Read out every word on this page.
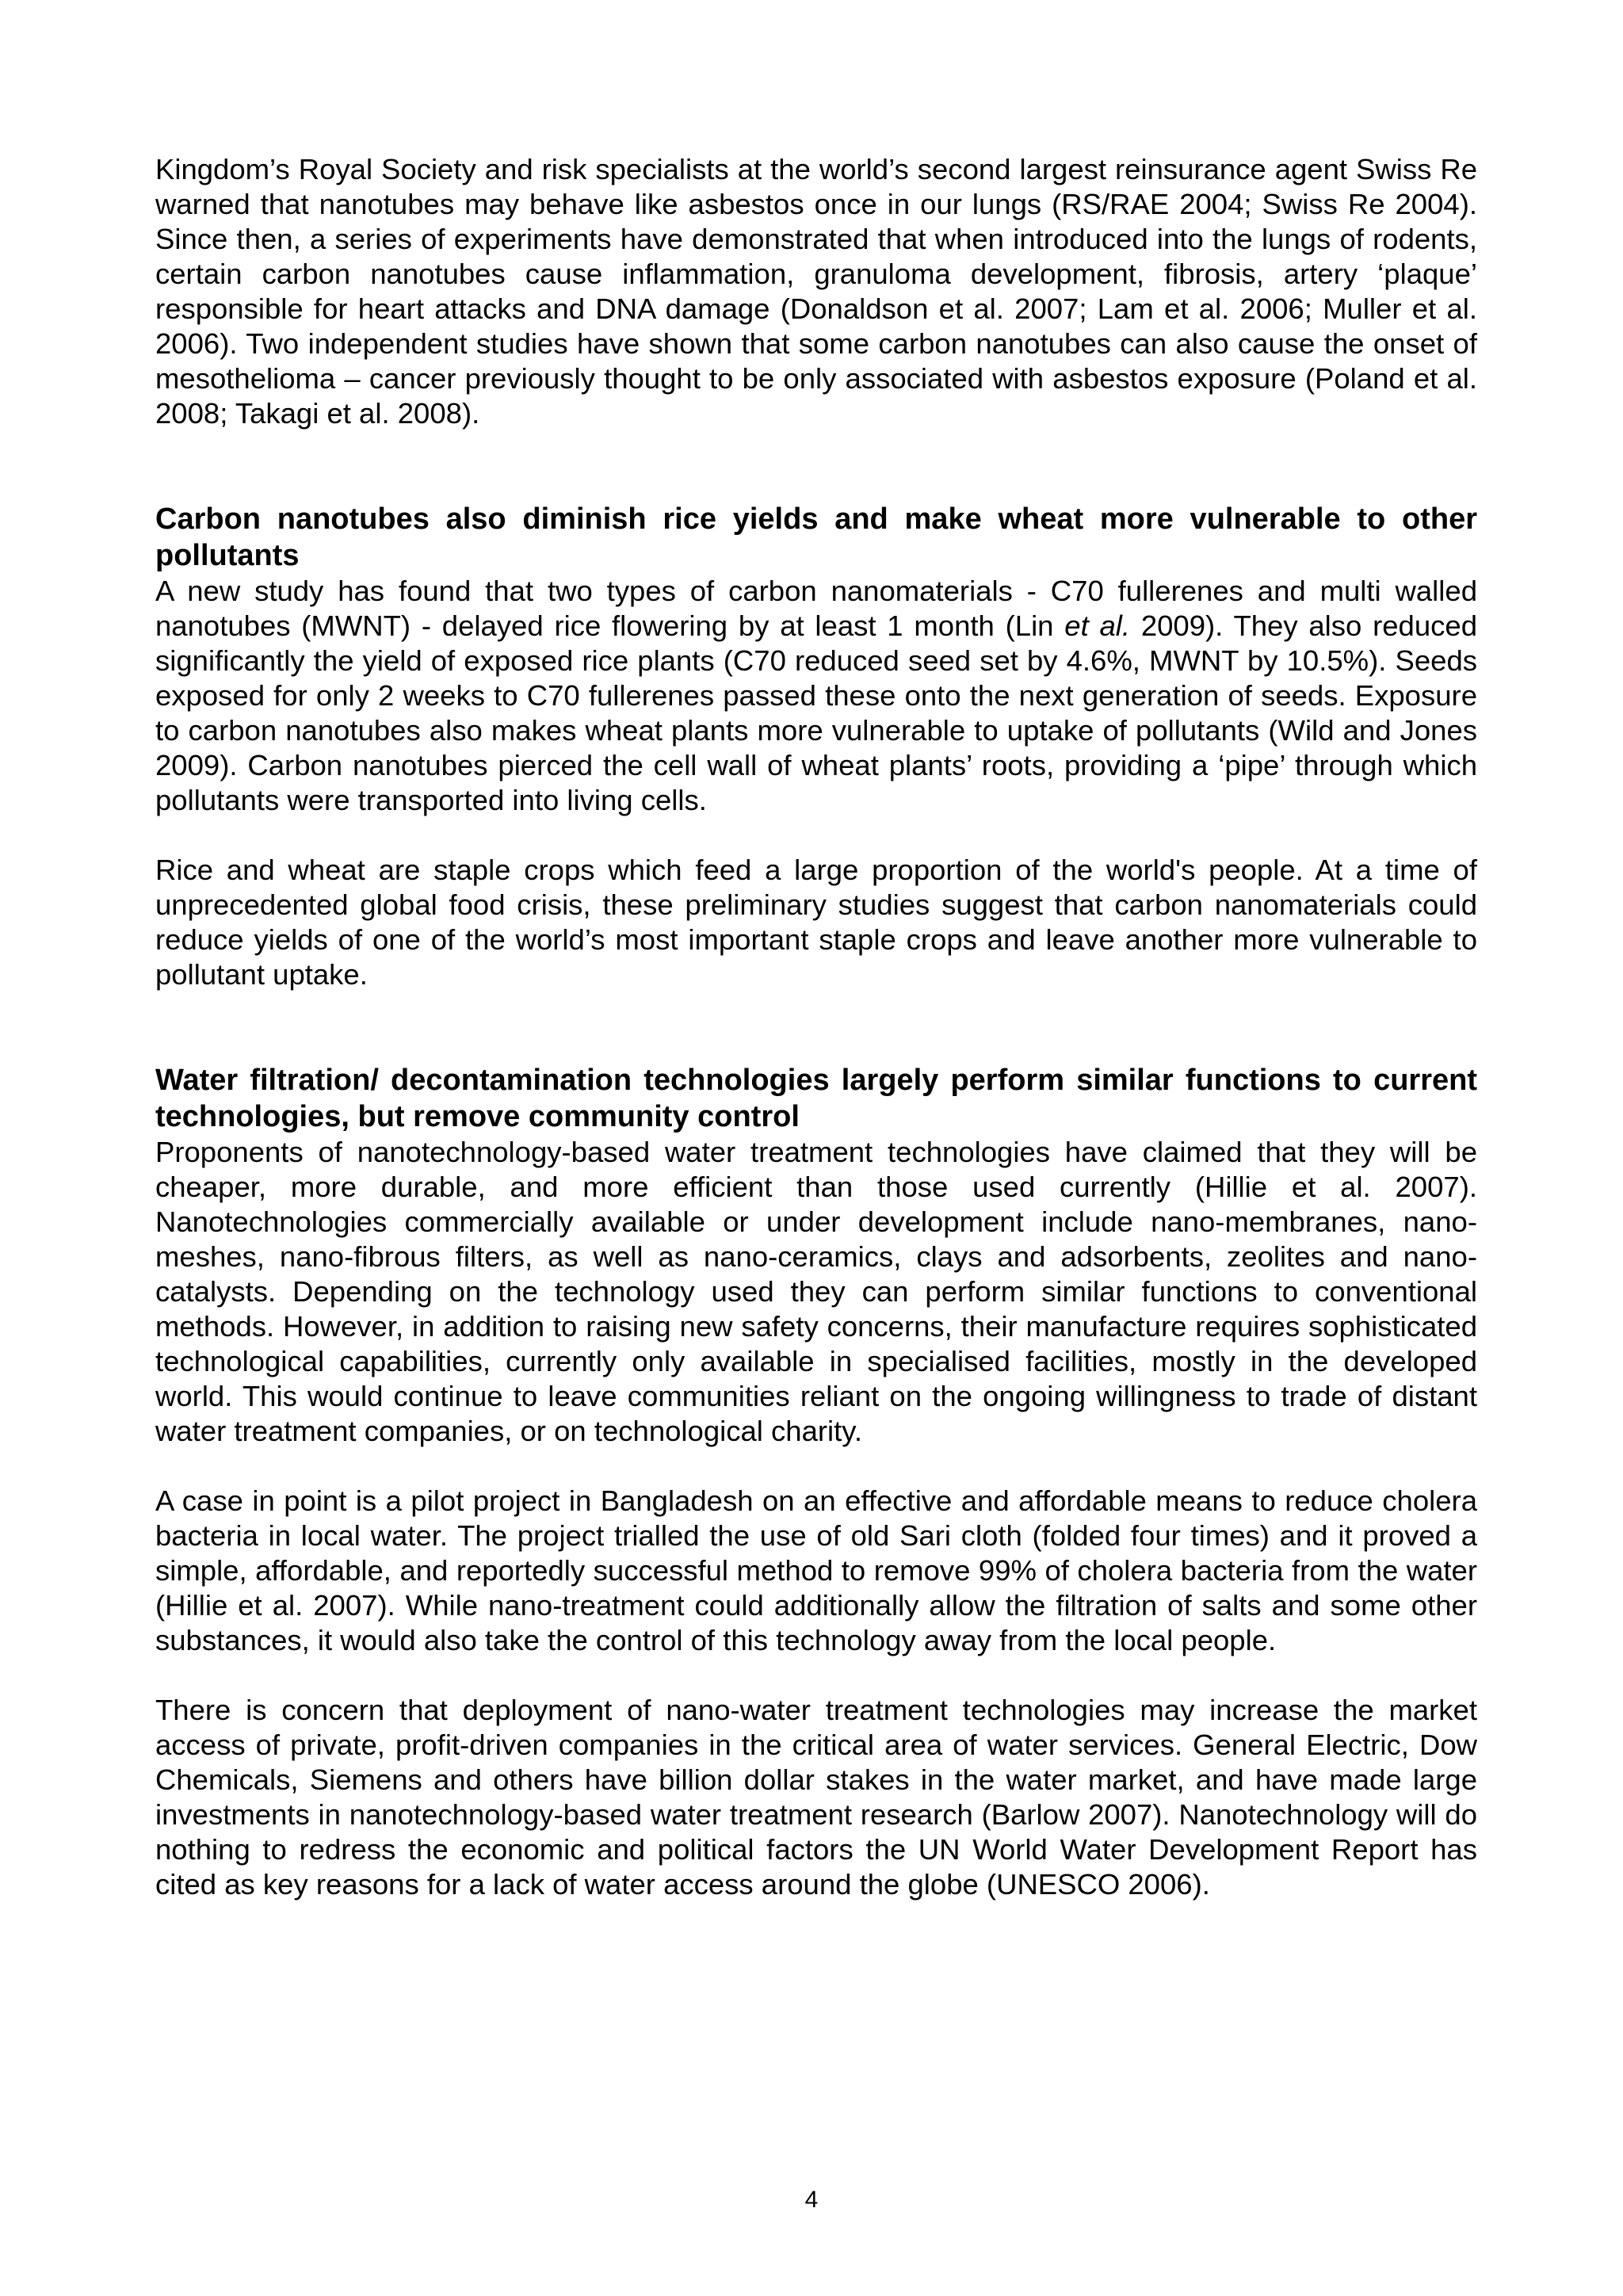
Kingdom’s Royal Society and risk specialists at the world’s second largest reinsurance agent Swiss Re warned that nanotubes may behave like asbestos once in our lungs (RS/RAE 2004; Swiss Re 2004). Since then, a series of experiments have demonstrated that when introduced into the lungs of rodents, certain carbon nanotubes cause inflammation, granuloma development, fibrosis, artery ‘plaque’ responsible for heart attacks and DNA damage (Donaldson et al. 2007; Lam et al. 2006; Muller et al. 2006). Two independent studies have shown that some carbon nanotubes can also cause the onset of mesothelioma – cancer previously thought to be only associated with asbestos exposure (Poland et al. 2008; Takagi et al. 2008).

Carbon nanotubes also diminish rice yields and make wheat more vulnerable to other pollutants

A new study has found that two types of carbon nanomaterials - C70 fullerenes and multi walled nanotubes (MWNT) - delayed rice flowering by at least 1 month (Lin et al. 2009). They also reduced significantly the yield of exposed rice plants (C70 reduced seed set by 4.6%, MWNT by 10.5%). Seeds exposed for only 2 weeks to C70 fullerenes passed these onto the next generation of seeds. Exposure to carbon nanotubes also makes wheat plants more vulnerable to uptake of pollutants (Wild and Jones 2009). Carbon nanotubes pierced the cell wall of wheat plants’ roots, providing a ‘pipe’ through which pollutants were transported into living cells.

Rice and wheat are staple crops which feed a large proportion of the world's people. At a time of unprecedented global food crisis, these preliminary studies suggest that carbon nanomaterials could reduce yields of one of the world’s most important staple crops and leave another more vulnerable to pollutant uptake.

Water filtration/ decontamination technologies largely perform similar functions to current technologies, but remove community control

Proponents of nanotechnology-based water treatment technologies have claimed that they will be cheaper, more durable, and more efficient than those used currently (Hillie et al. 2007). Nanotechnologies commercially available or under development include nano-membranes, nano-meshes, nano-fibrous filters, as well as nano-ceramics, clays and adsorbents, zeolites and nano-catalysts. Depending on the technology used they can perform similar functions to conventional methods. However, in addition to raising new safety concerns, their manufacture requires sophisticated technological capabilities, currently only available in specialised facilities, mostly in the developed world. This would continue to leave communities reliant on the ongoing willingness to trade of distant water treatment companies, or on technological charity.

A case in point is a pilot project in Bangladesh on an effective and affordable means to reduce cholera bacteria in local water. The project trialled the use of old Sari cloth (folded four times) and it proved a simple, affordable, and reportedly successful method to remove 99% of cholera bacteria from the water (Hillie et al. 2007). While nano-treatment could additionally allow the filtration of salts and some other substances, it would also take the control of this technology away from the local people.

There is concern that deployment of nano-water treatment technologies may increase the market access of private, profit-driven companies in the critical area of water services. General Electric, Dow Chemicals, Siemens and others have billion dollar stakes in the water market, and have made large investments in nanotechnology-based water treatment research (Barlow 2007). Nanotechnology will do nothing to redress the economic and political factors the UN World Water Development Report has cited as key reasons for a lack of water access around the globe (UNESCO 2006).

4
